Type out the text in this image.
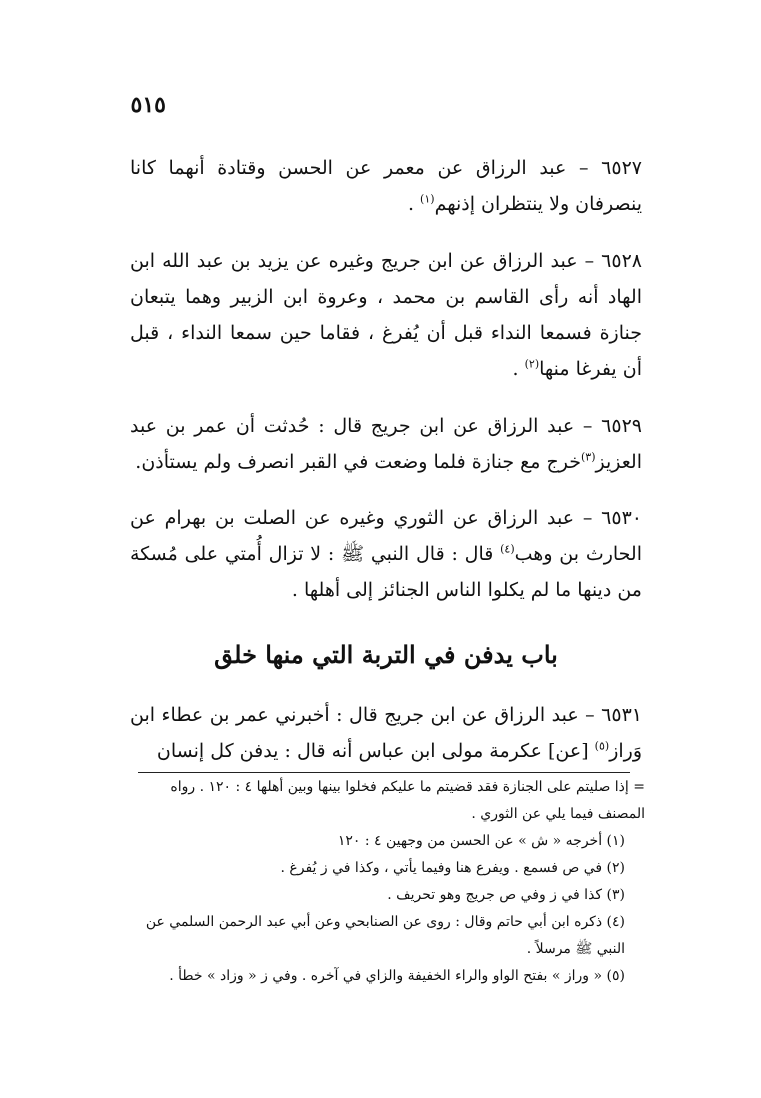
٥١٥

٦٥٢٧ – عبد الرزاق عن معمر عن الحسن وقتادة أنهما كانا ينصرفان ولا ينتظران إذنهم$^{(١)}$ .

٦٥٢٨ – عبد الرزاق عن ابن جريج وغيره عن يزيد بن عبد الله ابن الهاد أنه رأى القاسم بن محمد ، وعروة ابن الزبير وهما يتبعان جنازة فسمعا النداء قبل أن يُفرغ ، فقاما حين سمعا النداء ، قبل أن يفرغا منها$^{(٢)}$ .

٦٥٢٩ – عبد الرزاق عن ابن جريج قال : حُدثت أن عمر بن عبد العزيز$^{(٣)}$خرج مع جنازة فلما وضعت في القبر انصرف ولم يستأذن.

٦٥٣٠ – عبد الرزاق عن الثوري وغيره عن الصلت بن بهرام عن الحارث بن وهب$^{(٤)}$ قال : قال النبي ﷺ : لا تزال أُمتي على مُسكة من دينها ما لم يكلوا الناس الجنائز إلى أهلها .

باب يدفن في التربة التي منها خلق

٦٥٣١ – عبد الرزاق عن ابن جريج قال : أخبرني عمر بن عطاء ابن وَراز$^{(٥)}$ [عن] عكرمة مولى ابن عباس أنه قال : يدفن كل إنسان

= إذا صليتم على الجنازة فقد قضيتم ما عليكم فخلوا بينها وبين أهلها ٤ : ١٢٠ . رواه المصنف فيما يلي عن الثوري .

(١) أخرجه « ش » عن الحسن من وجهين ٤ : ١٢٠

(٢) في ص فسمع . ويفرع هنا وفيما يأتي ، وكذا في ز يُفرغ .

(٣) كذا في ز وفي ص جريج وهو تحريف .

(٤) ذكره ابن أبي حاتم وقال : روى عن الصنابحي وعن أبي عبد الرحمن السلمي عن النبي ﷺ مرسلاً .

(٥) « وراز » بفتح الواو والراء الخفيفة والزاي في آخره . وفي ز « وزاد » خطأ .
